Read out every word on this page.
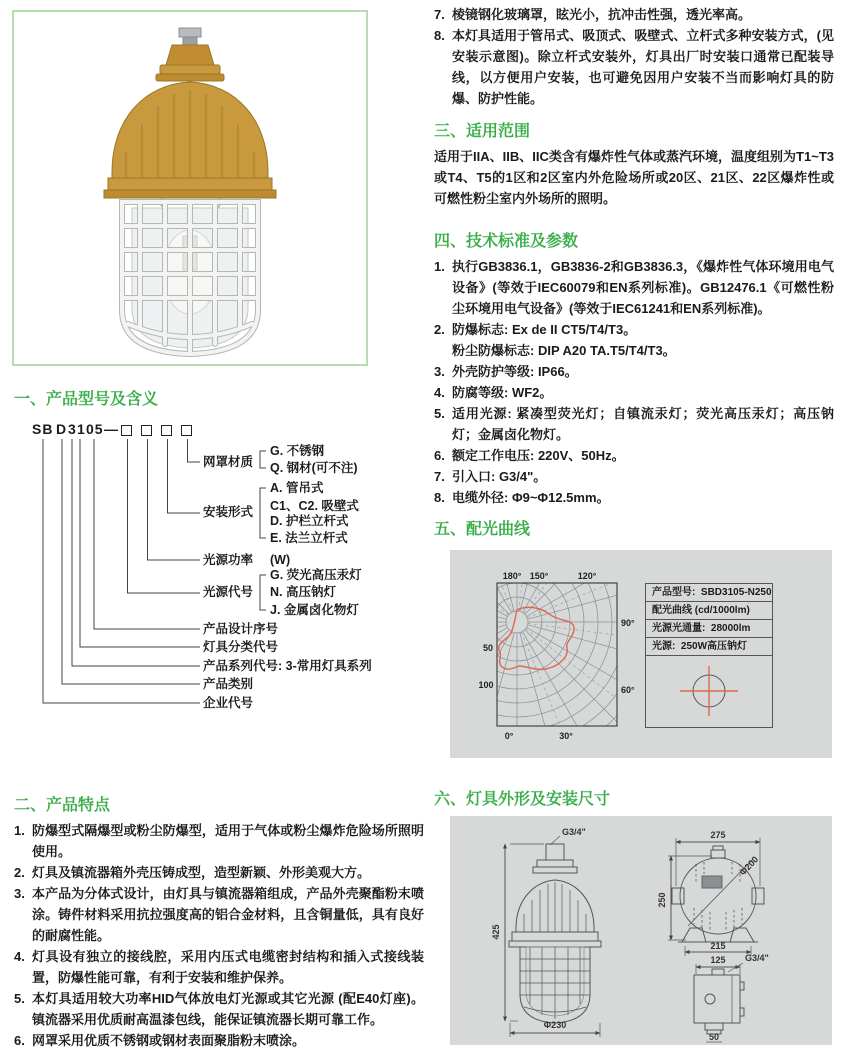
一、产品型号及含义
SB D 3 1 05 —
网罩材质
G. 不锈钢
Q. 钢材(可不注)
安装形式
A. 管吊式
C1、C2. 吸壁式
D. 护栏立杆式
E. 法兰立杆式
光源功率 (W)
光源代号
G. 荧光高压汞灯
N. 高压钠灯
J. 金属卤化物灯
产品设计序号
灯具分类代号
产品系列代号: 3-常用灯具系列
产品类别
企业代号
二、产品特点
1. 防爆型式隔爆型或粉尘防爆型，适用于气体或粉尘爆炸危险场所照明使用。
2. 灯具及镇流器箱外壳压铸成型，造型新颖、外形美观大方。
3. 本产品为分体式设计，由灯具与镇流器箱组成，产品外壳聚酯粉末喷涂。铸件材料采用抗拉强度高的铝合金材料，且含铜量低，具有良好的耐腐性能。
4. 灯具设有独立的接线腔，采用内压式电缆密封结构和插入式接线装置，防爆性能可靠，有利于安装和维护保养。
5. 本灯具适用较大功率HID气体放电灯光源或其它光源 (配E40灯座)。镇流器采用优质耐高温漆包线，能保证镇流器长期可靠工作。
6. 网罩采用优质不锈钢或钢材表面聚脂粉末喷涂。
7. 棱镜钢化玻璃罩，眩光小，抗冲击性强，透光率高。
8. 本灯具适用于管吊式、吸顶式、吸壁式、立杆式多种安装方式，(见安装示意图)。除立杆式安装外，灯具出厂时安装口通常已配装导线，以方便用户安装，也可避免因用户安装不当而影响灯具的防爆、防护性能。
三、适用范围
适用于IIA、IIB、IIC类含有爆炸性气体或蒸汽环境，温度组别为T1~T3或T4、T5的1区和2区室内外危险场所或20区、21区、22区爆炸性或可燃性粉尘室内外场所的照明。
四、技术标准及参数
1. 执行GB3836.1，GB3836-2和GB3836.3，《爆炸性气体环境用电气设备》(等效于IEC60079和EN系列标准)。GB12476.1《可燃性粉尘环境用电气设备》(等效于IEC61241和EN系列标准)。
2. 防爆标志: Ex de II CT5/T4/T3。
粉尘防爆标志: DIP A20 TA.T5/T4/T3。
3. 外壳防护等级: IP66。
4. 防腐等级: WF2。
5. 适用光源: 紧凑型荧光灯；自镇流汞灯；荧光高压汞灯；高压钠灯；金属卤化物灯。
6. 额定工作电压: 220V、50Hz。
7. 引入口: G3/4"。
8. 电缆外径: Φ9~Φ12.5mm。
五、配光曲线
180° 150°	120°
90°
60°
0°	30°
50
100
产品型号: SBD3105-N250
配光曲线 (cd/1000lm)
光源光通量: 28000lm
光源: 250W高压钠灯
六、灯具外形及安装尺寸
G3/4"
425
Φ230
275
250
Φ200
215
125 G3/4"
50
